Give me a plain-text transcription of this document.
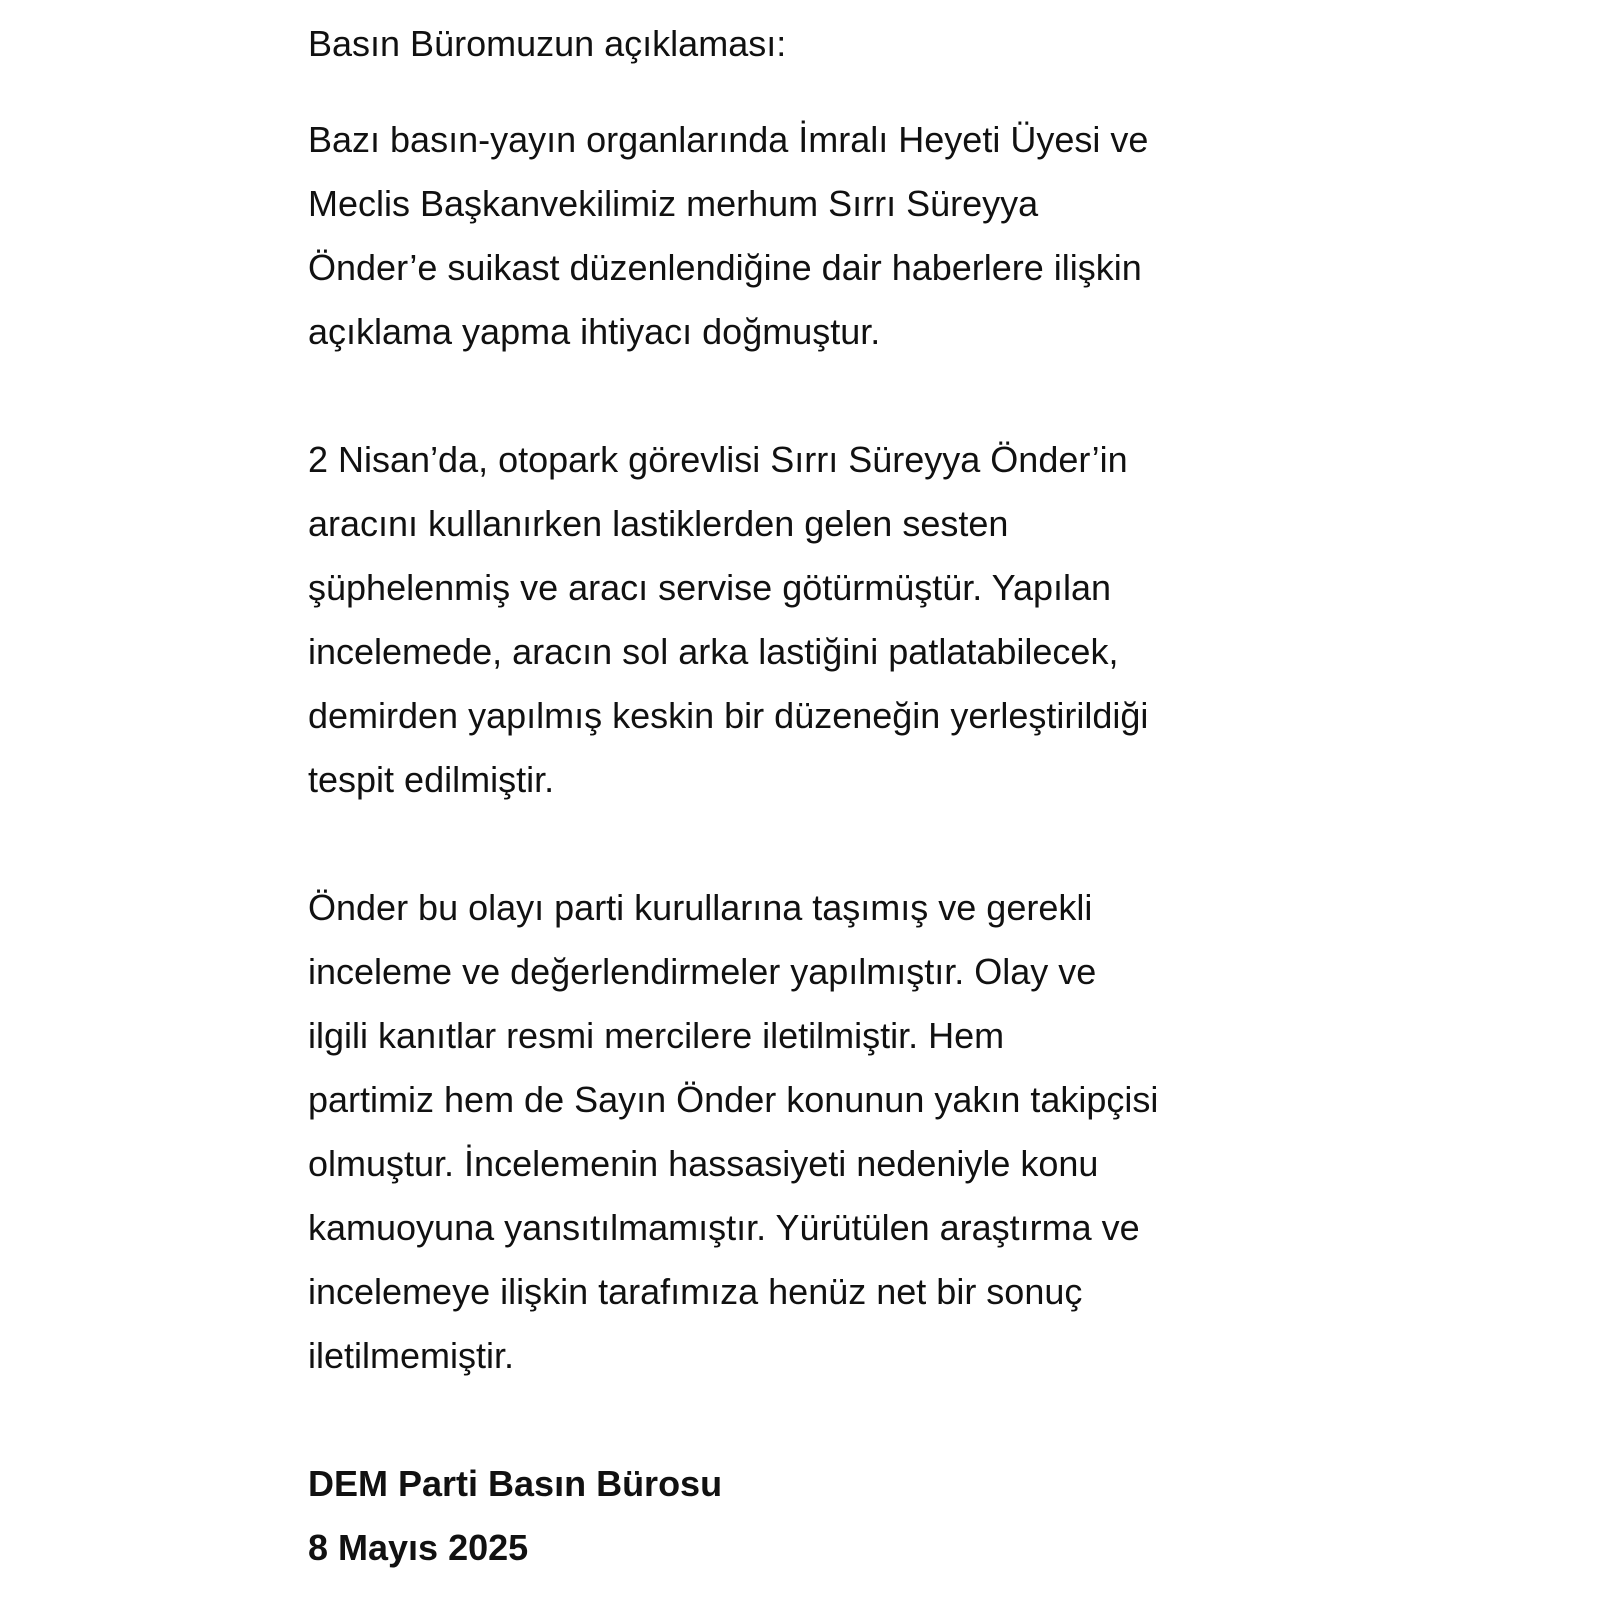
Basın Büromuzun açıklaması:

Bazı basın-yayın organlarında İmralı Heyeti Üyesi ve
Meclis Başkanvekilimiz merhum Sırrı Süreyya
Önder’e suikast düzenlendiğine dair haberlere ilişkin
açıklama yapma ihtiyacı doğmuştur.

2 Nisan’da, otopark görevlisi Sırrı Süreyya Önder’in
aracını kullanırken lastiklerden gelen sesten
şüphelenmiş ve aracı servise götürmüştür. Yapılan
incelemede, aracın sol arka lastiğini patlatabilecek,
demirden yapılmış keskin bir düzeneğin yerleştirildiği
tespit edilmiştir.

Önder bu olayı parti kurullarına taşımış ve gerekli
inceleme ve değerlendirmeler yapılmıştır. Olay ve
ilgili kanıtlar resmi mercilere iletilmiştir. Hem
partimiz hem de Sayın Önder konunun yakın takipçisi
olmuştur. İncelemenin hassasiyeti nedeniyle konu
kamuoyuna yansıtılmamıştır. Yürütülen araştırma ve
incelemeye ilişkin tarafımıza henüz net bir sonuç
iletilmemiştir.

DEM Parti Basın Bürosu
8 Mayıs 2025
